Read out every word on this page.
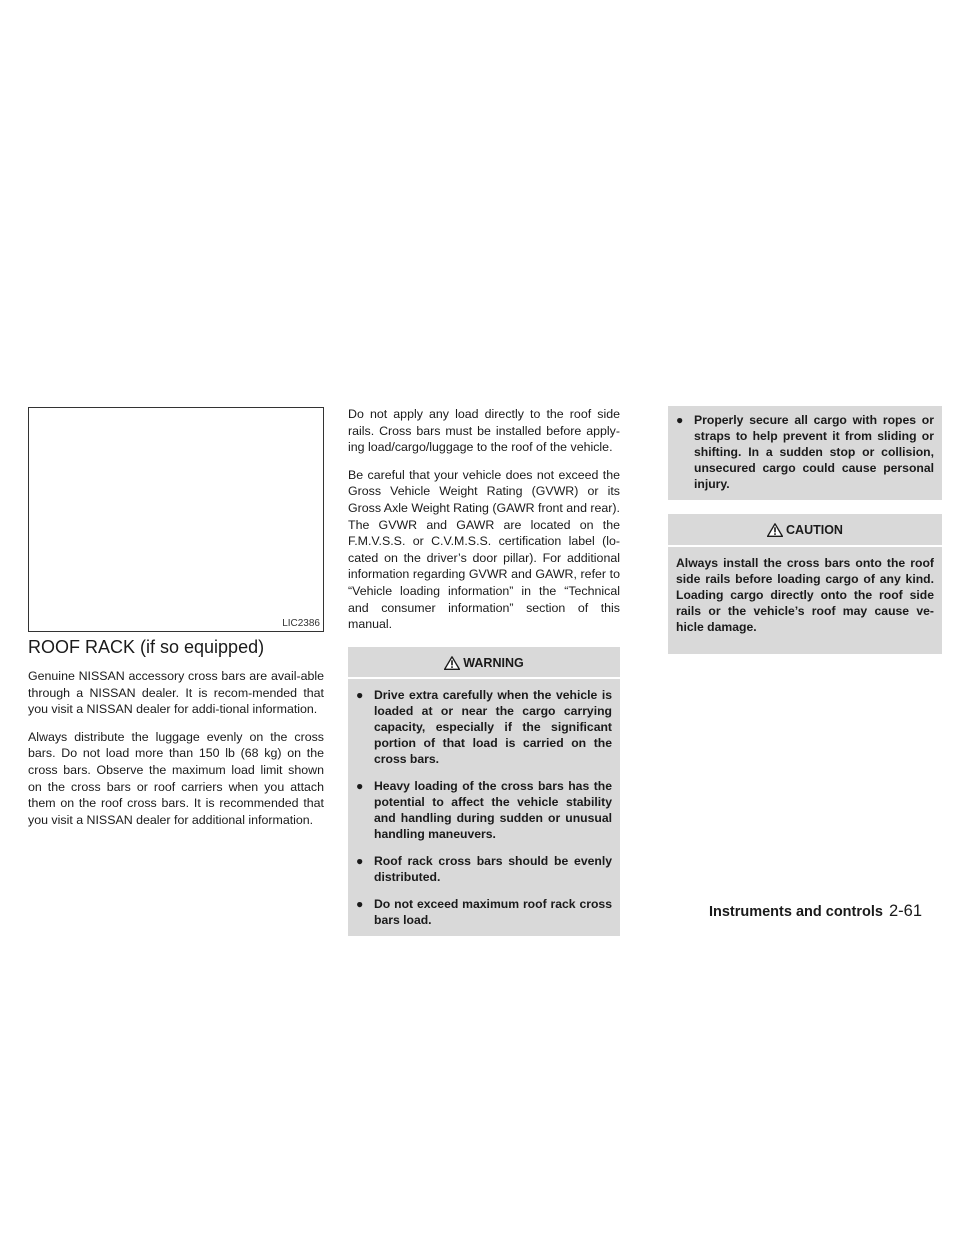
LIC2386
ROOF RACK (if so equipped)

Genuine NISSAN accessory cross bars are avail-able through a NISSAN dealer. It is recom-mended that you visit a NISSAN dealer for addi-tional information.

Always distribute the luggage evenly on the cross bars. Do not load more than 150 lb (68 kg) on the cross bars. Observe the maximum load limit shown on the cross bars or roof carriers when you attach them on the roof cross bars. It is recommended that you visit a NISSAN dealer for additional information.

Do not apply any load directly to the roof side rails. Cross bars must be installed before apply-ing load/cargo/luggage to the roof of the vehicle.

Be careful that your vehicle does not exceed the Gross Vehicle Weight Rating (GVWR) or its Gross Axle Weight Rating (GAWR front and rear). The GVWR and GAWR are located on the F.M.V.S.S. or C.V.M.S.S. certification label (lo-cated on the driver’s door pillar). For additional information regarding GVWR and GAWR, refer to “Vehicle loading information” in the “Technical and consumer information” section of this manual.

WARNING
● Drive extra carefully when the vehicle is loaded at or near the cargo carrying capacity, especially if the significant portion of that load is carried on the cross bars.
● Heavy loading of the cross bars has the potential to affect the vehicle stability and handling during sudden or unusual handling maneuvers.
● Roof rack cross bars should be evenly distributed.
● Do not exceed maximum roof rack cross bars load.
● Properly secure all cargo with ropes or straps to help prevent it from sliding or shifting. In a sudden stop or collision, unsecured cargo could cause personal injury.
CAUTION

Always install the cross bars onto the roof side rails before loading cargo of any kind. Loading cargo directly onto the roof side rails or the vehicle’s roof may cause ve-hicle damage.

Instruments and controls 2-61
